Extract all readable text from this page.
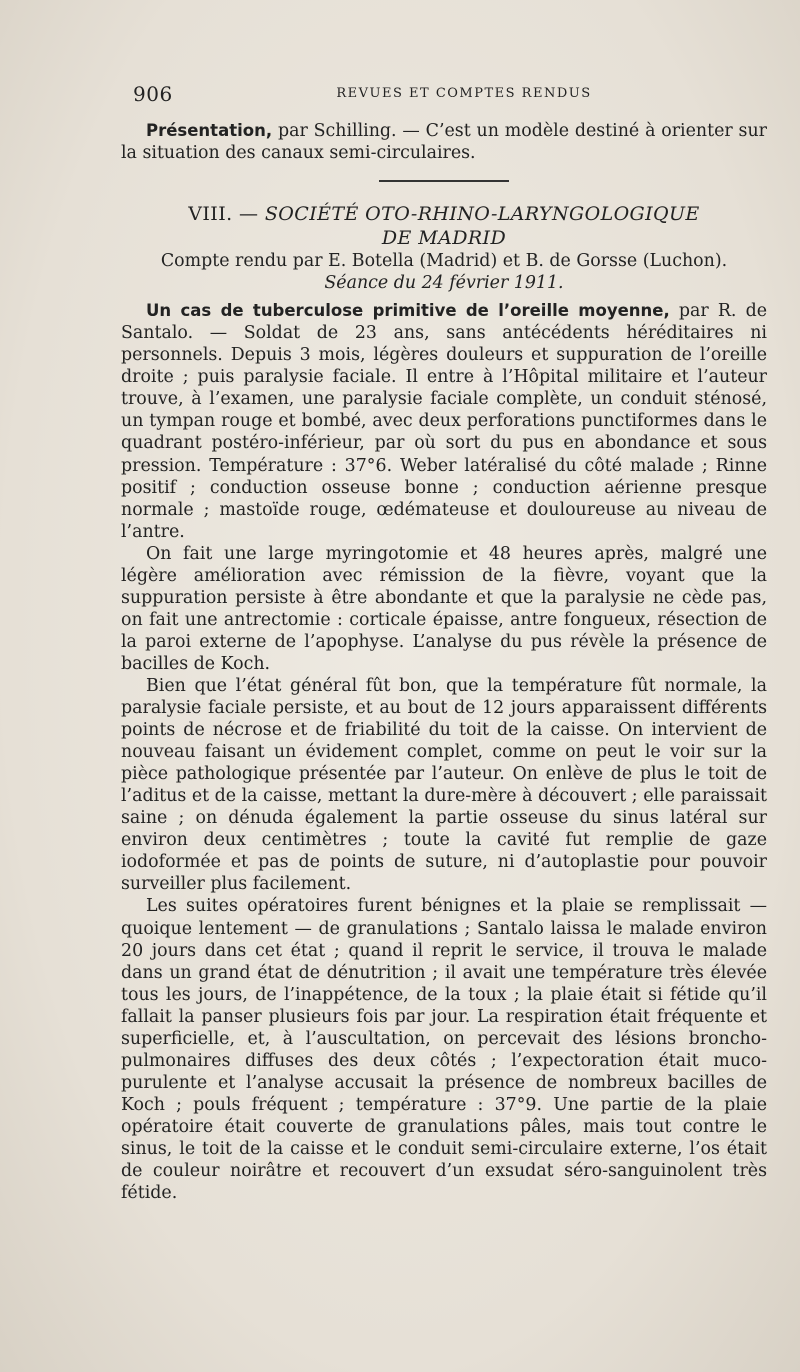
906	REVUES ET COMPTES RENDUS

Présentation, par Schilling. — C’est un modèle destiné à orienter sur la situation des canaux semi-circulaires.

VIII. — SOCIÉTÉ OTO-RHINO-LARYNGOLOGIQUE
DE MADRID

Compte rendu par E. Botella (Madrid) et B. de Gorsse (Luchon).

Séance du 24 février 1911.

Un cas de tuberculose primitive de l’oreille moyenne, par R. de Santalo. — Soldat de 23 ans, sans antécédents héréditaires ni personnels. Depuis 3 mois, légères douleurs et suppuration de l’oreille droite ; puis paralysie faciale. Il entre à l’Hôpital militaire et l’auteur trouve, à l’examen, une paralysie faciale complète, un conduit sténosé, un tympan rouge et bombé, avec deux perforations punctiformes dans le quadrant postéro-inférieur, par où sort du pus en abondance et sous pression. Température : 37°6. Weber latéralisé du côté malade ; Rinne positif ; conduction osseuse bonne ; conduction aérienne presque normale ; mastoïde rouge, œdémateuse et douloureuse au niveau de l’antre.

On fait une large myringotomie et 48 heures après, malgré une légère amélioration avec rémission de la fièvre, voyant que la suppuration persiste à être abondante et que la paralysie ne cède pas, on fait une antrectomie : corticale épaisse, antre fongueux, résection de la paroi externe de l’apophyse. L’analyse du pus révèle la présence de bacilles de Koch.

Bien que l’état général fût bon, que la température fût normale, la paralysie faciale persiste, et au bout de 12 jours apparaissent différents points de nécrose et de friabilité du toit de la caisse. On intervient de nouveau faisant un évidement complet, comme on peut le voir sur la pièce pathologique présentée par l’auteur. On enlève de plus le toit de l’aditus et de la caisse, mettant la dure-mère à découvert ; elle paraissait saine ; on dénuda également la partie osseuse du sinus latéral sur environ deux centimètres ; toute la cavité fut remplie de gaze iodoformée et pas de points de suture, ni d’autoplastie pour pouvoir surveiller plus facilement.

Les suites opératoires furent bénignes et la plaie se remplissait — quoique lentement — de granulations ; Santalo laissa le malade environ 20 jours dans cet état ; quand il reprit le service, il trouva le malade dans un grand état de dénutrition ; il avait une température très élevée tous les jours, de l’inappétence, de la toux ; la plaie était si fétide qu’il fallait la panser plusieurs fois par jour. La respiration était fréquente et superficielle, et, à l’auscultation, on percevait des lésions broncho-pulmonaires diffuses des deux côtés ; l’expectoration était muco-purulente et l’analyse accusait la présence de nombreux bacilles de Koch ; pouls fréquent ; température : 37°9. Une partie de la plaie opératoire était couverte de granulations pâles, mais tout contre le sinus, le toit de la caisse et le conduit semi-circulaire externe, l’os était de couleur noirâtre et recouvert d’un exsudat séro-sanguinolent très fétide.
